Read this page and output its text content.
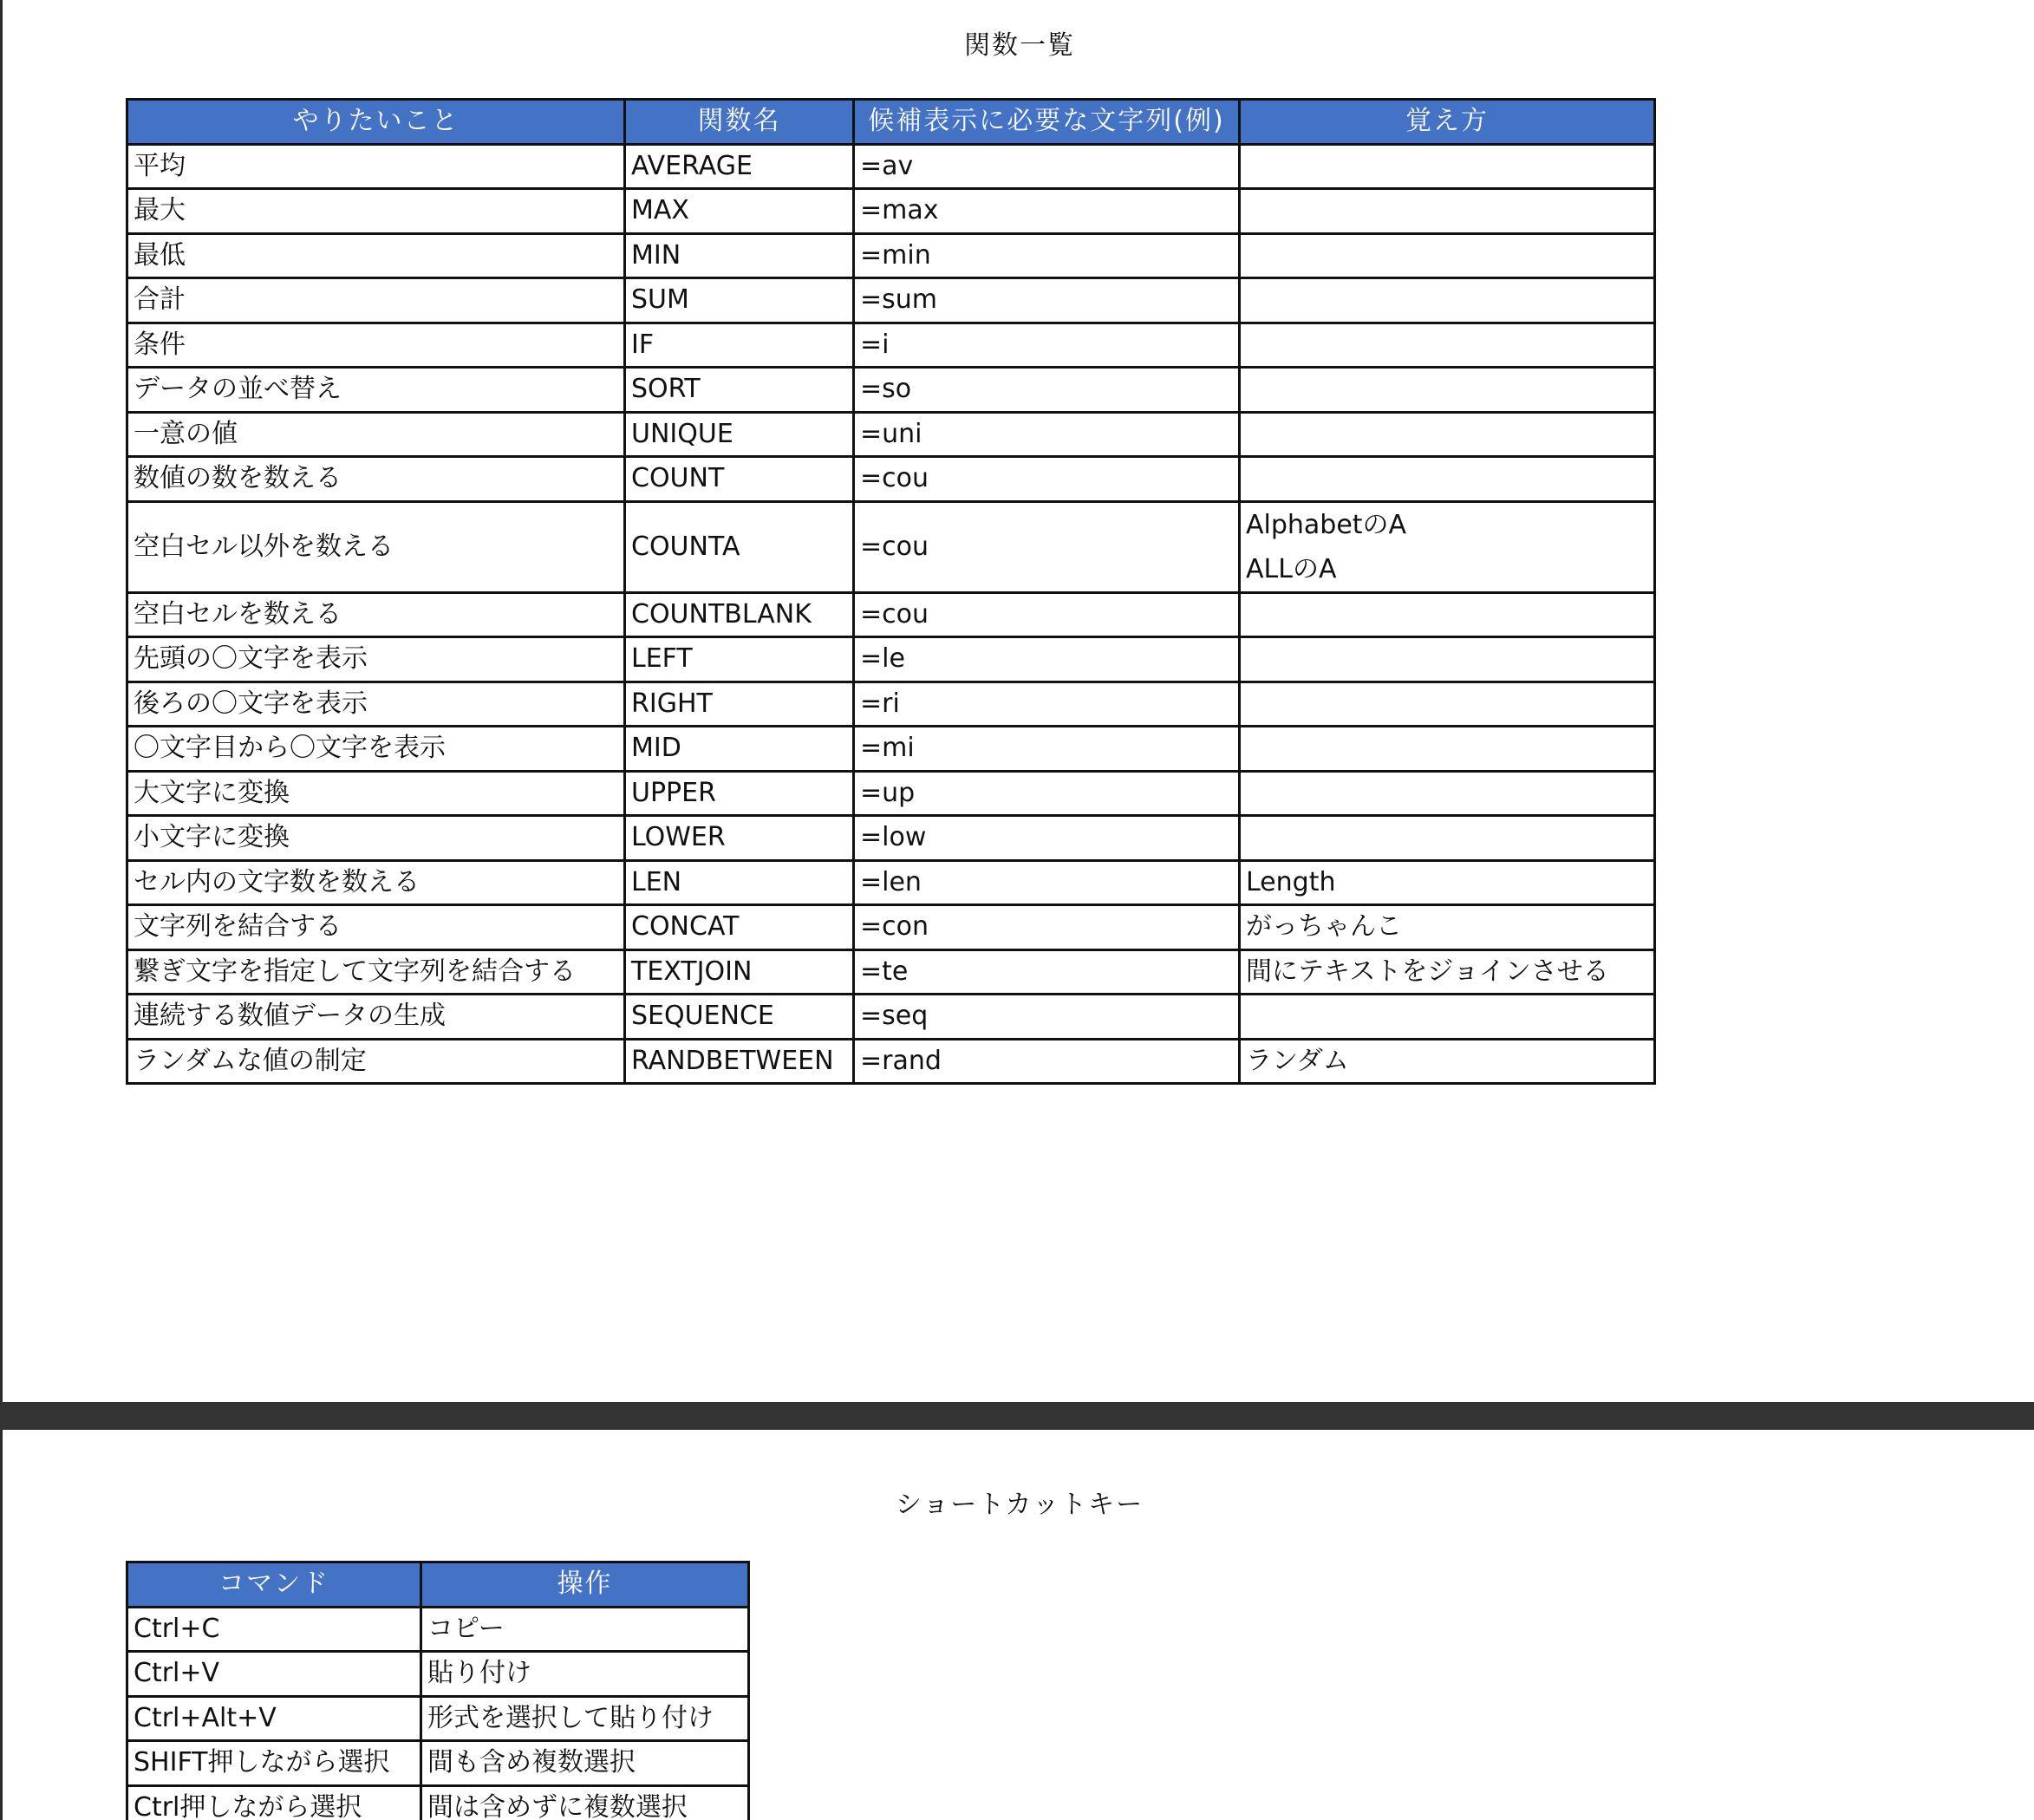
関数一覧
やりたいこと	関数名	候補表示に必要な文字列(例)	覚え方
平均	AVERAGE	=av	
最大	MAX	=max	
最低	MIN	=min	
合計	SUM	=sum	
条件	IF	=i	
データの並べ替え	SORT	=so	
一意の値	UNIQUE	=uni	
数値の数を数える	COUNT	=cou	
空白セル以外を数える	COUNTA	=cou	AlphabetのA
ALLのA

空白セルを数える	COUNTBLANK	=cou	
先頭の〇文字を表示	LEFT	=le	
後ろの〇文字を表示	RIGHT	=ri	
〇文字目から〇文字を表示	MID	=mi	
大文字に変換	UPPER	=up	
小文字に変換	LOWER	=low	
セル内の文字数を数える	LEN	=len	Length
文字列を結合する	CONCAT	=con	がっちゃんこ
繋ぎ文字を指定して文字列を結合する	TEXTJOIN	=te	間にテキストをジョインさせる
連続する数値データの生成	SEQUENCE	=seq	
ランダムな値の制定	RANDBETWEEN	=rand	ランダム
ショートカットキー
コマンド	操作
Ctrl+C	コピー
Ctrl+V	貼り付け
Ctrl+Alt+V	形式を選択して貼り付け
SHIFT押しながら選択	間も含め複数選択
Ctrl押しながら選択	間は含めずに複数選択
